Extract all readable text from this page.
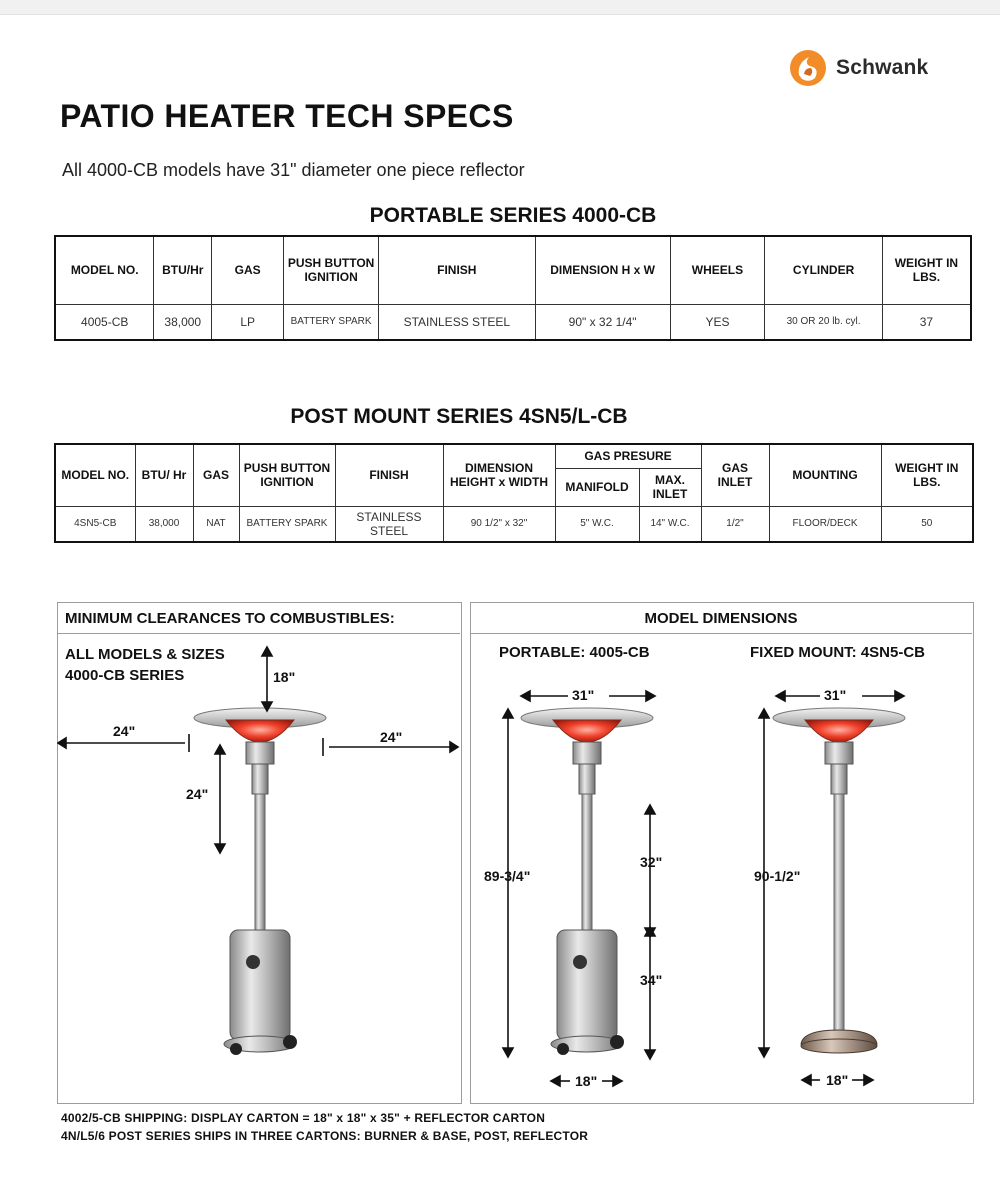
Schwank
PATIO HEATER TECH SPECS
All 4000-CB models have 31" diameter one piece reflector
PORTABLE SERIES 4000-CB
MODEL NO.	BTU/Hr	GAS	PUSH BUTTON IGNITION	FINISH	DIMENSION H x W	WHEELS	CYLINDER	WEIGHT IN LBS.
4005-CB	38,000	LP	BATTERY SPARK	STAINLESS STEEL	90" x 32 1/4"	YES	30 OR 20 lb. cyl.	37
POST MOUNT SERIES 4SN5/L-CB
MODEL NO.	BTU/ Hr	GAS	PUSH BUTTON IGNITION	FINISH	DIMENSION HEIGHT x WIDTH	GAS PRESURE		GAS INLET	MOUNTING	WEIGHT IN LBS.
						MANIFOLD	MAX. INLET			
4SN5-CB	38,000	NAT	BATTERY SPARK	STAINLESS STEEL	90 1/2" x 32"	5" W.C.	14" W.C.	1/2"	FLOOR/DECK	50
MINIMUM CLEARANCES TO COMBUSTIBLES:
ALL MODELS & SIZES
4000-CB SERIES	18"
24"	24"
24"
MODEL DIMENSIONS
PORTABLE: 4005-CB	FIXED MOUNT: 4SN5-CB
31"
89-3/4"
32"
34"
18"
31"
90-1/2"
18"
4002/5-CB SHIPPING: DISPLAY CARTON = 18" x 18" x 35" + REFLECTOR CARTON
4N/L5/6 POST SERIES SHIPS IN THREE CARTONS: BURNER & BASE, POST, REFLECTOR
